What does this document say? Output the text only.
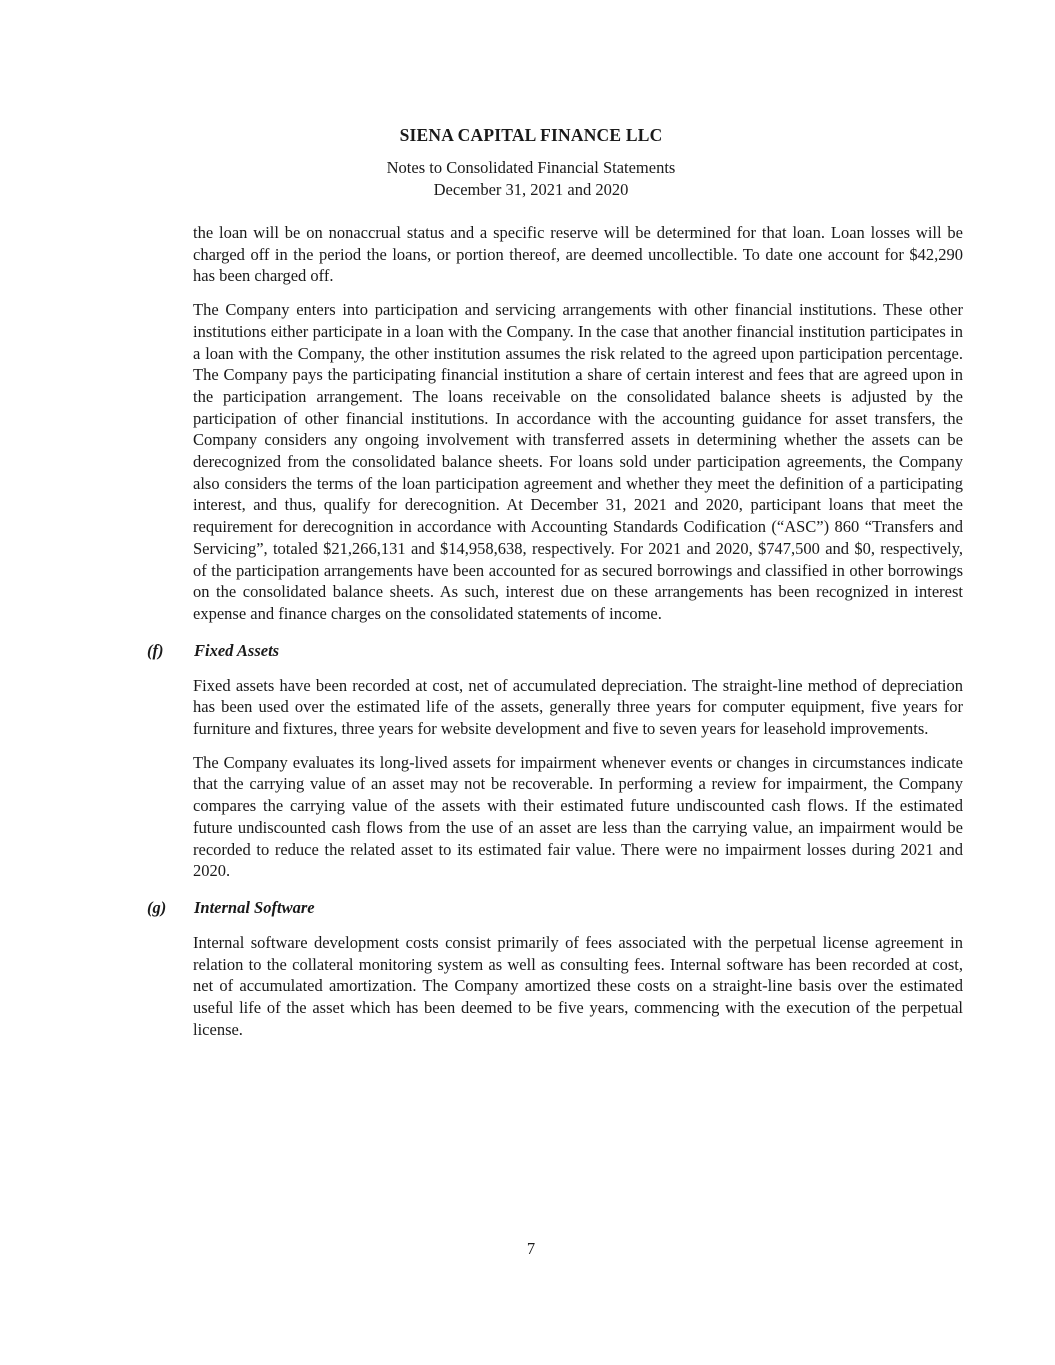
SIENA CAPITAL FINANCE LLC
Notes to Consolidated Financial Statements
December 31, 2021 and 2020

the loan will be on nonaccrual status and a specific reserve will be determined for that loan. Loan losses will be charged off in the period the loans, or portion thereof, are deemed uncollectible. To date one account for $42,290 has been charged off.

The Company enters into participation and servicing arrangements with other financial institutions. These other institutions either participate in a loan with the Company. In the case that another financial institution participates in a loan with the Company, the other institution assumes the risk related to the agreed upon participation percentage. The Company pays the participating financial institution a share of certain interest and fees that are agreed upon in the participation arrangement. The loans receivable on the consolidated balance sheets is adjusted by the participation of other financial institutions. In accordance with the accounting guidance for asset transfers, the Company considers any ongoing involvement with transferred assets in determining whether the assets can be derecognized from the consolidated balance sheets. For loans sold under participation agreements, the Company also considers the terms of the loan participation agreement and whether they meet the definition of a participating interest, and thus, qualify for derecognition. At December 31, 2021 and 2020, participant loans that meet the requirement for derecognition in accordance with Accounting Standards Codification (“ASC”) 860 “Transfers and Servicing”, totaled $21,266,131 and $14,958,638, respectively. For 2021 and 2020, $747,500 and $0, respectively, of the participation arrangements have been accounted for as secured borrowings and classified in other borrowings on the consolidated balance sheets. As such, interest due on these arrangements has been recognized in interest expense and finance charges on the consolidated statements of income.

(f) Fixed Assets

Fixed assets have been recorded at cost, net of accumulated depreciation. The straight-line method of depreciation has been used over the estimated life of the assets, generally three years for computer equipment, five years for furniture and fixtures, three years for website development and five to seven years for leasehold improvements.

The Company evaluates its long-lived assets for impairment whenever events or changes in circumstances indicate that the carrying value of an asset may not be recoverable. In performing a review for impairment, the Company compares the carrying value of the assets with their estimated future undiscounted cash flows. If the estimated future undiscounted cash flows from the use of an asset are less than the carrying value, an impairment would be recorded to reduce the related asset to its estimated fair value. There were no impairment losses during 2021 and 2020.

(g) Internal Software

Internal software development costs consist primarily of fees associated with the perpetual license agreement in relation to the collateral monitoring system as well as consulting fees. Internal software has been recorded at cost, net of accumulated amortization. The Company amortized these costs on a straight-line basis over the estimated useful life of the asset which has been deemed to be five years, commencing with the execution of the perpetual license.

7
